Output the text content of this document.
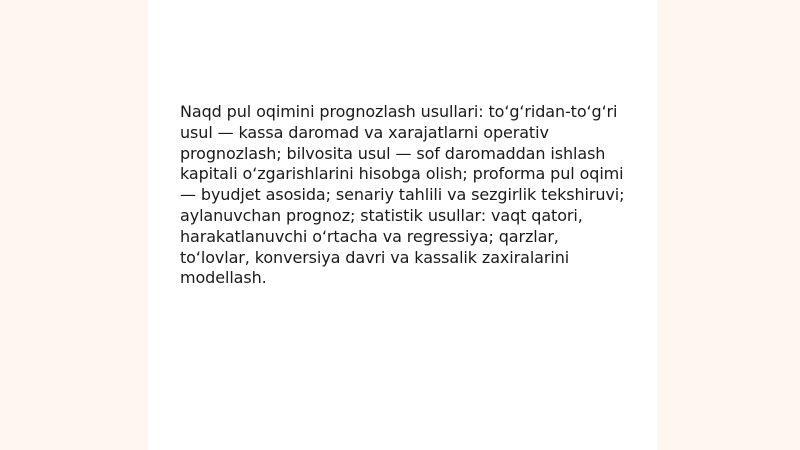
Naqd pul oqimini prognozlash usullari: to‘g‘ridan-to‘g‘ri usul — kassa daromad va xarajatlarni operativ prognozlash; bilvosita usul — sof daromaddan ishlash kapitali o‘zgarishlarini hisobga olish; proforma pul oqimi — byudjet asosida; senariy tahlili va sezgirlik tekshiruvi; aylanuvchan prognoz; statistik usullar: vaqt qatori, harakatlanuvchi o‘rtacha va regressiya; qarzlar, to‘lovlar, konversiya davri va kassalik zaxiralarini modellash.
